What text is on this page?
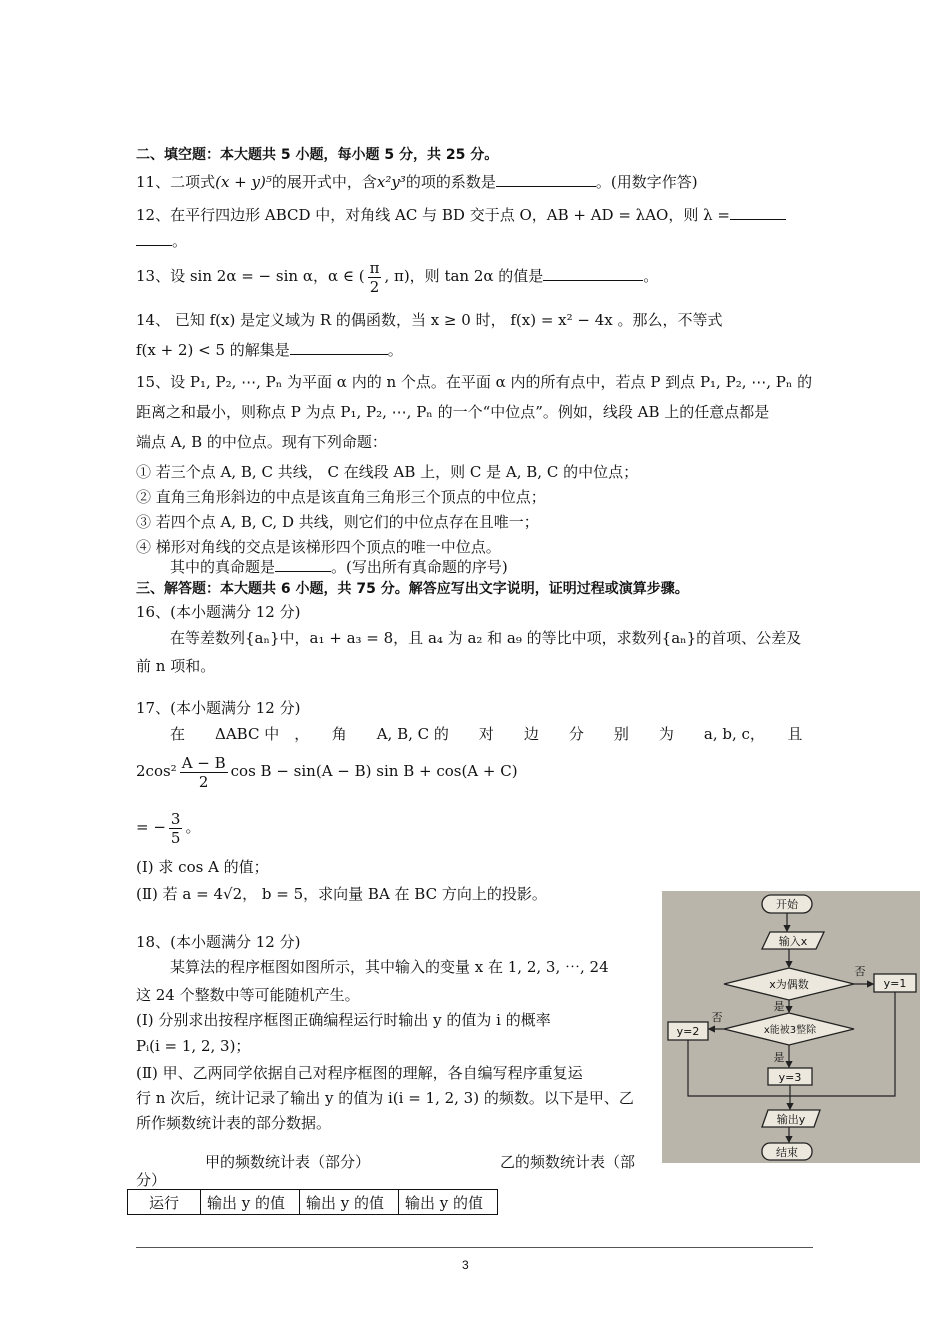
二、填空题：本大题共 5 小题，每小题 5 分，共 25 分。
11、二项式(x + y)⁵的展开式中，含x²y³的项的系数是	。(用数字作答)
12、在平行四边形 ABCD 中，对角线 AC 与 BD 交于点 O，AB + AD = λAO，则 λ =
。
13、设 sin 2α = − sin α，α ∈ ( $\frac{\pi}{2}$ , π)，则 tan 2α 的值是	。
14、 已知 f(x) 是定义域为 R 的偶函数，当 x ≥ 0 时， f(x) = x² − 4x 。那么，不等式
f(x + 2) < 5 的解集是	。
15、设 P₁, P₂, ⋯, Pₙ 为平面 α 内的 n 个点。在平面 α 内的所有点中，若点 P 到点 P₁, P₂, ⋯, Pₙ 的
距离之和最小，则称点 P 为点 P₁, P₂, ⋯, Pₙ 的一个“中位点”。例如，线段 AB 上的任意点都是
端点 A, B 的中位点。现有下列命题：
① 若三个点 A, B, C 共线， C 在线段 AB 上，则 C 是 A, B, C 的中位点；
② 直角三角形斜边的中点是该直角三角形三个顶点的中位点；
③ 若四个点 A, B, C, D 共线，则它们的中位点存在且唯一；
④ 梯形对角线的交点是该梯形四个顶点的唯一中位点。
其中的真命题是	。(写出所有真命题的序号)
三、解答题：本大题共 6 小题，共 75 分。解答应写出文字说明，证明过程或演算步骤。
16、(本小题满分 12 分)
在等差数列{aₙ}中，a₁ + a₃ = 8，且 a₄ 为 a₂ 和 a₉ 的等比中项，求数列{aₙ}的首项、公差及
前 n 项和。
17、(本小题满分 12 分)
在　　ΔABC 中　，　　角　　A, B, C 的　　对　　边　　分　　别　　为　　a, b, c，　　且
$2\cos^2 \frac{A - B}{2}$ cos B − sin(A − B) sin B + cos(A + C)
= − $\frac{3}{5}$ 。
(Ⅰ) 求 cos A 的值；
(Ⅱ) 若 a = 4√2， b = 5，求向量 BA 在 BC 方向上的投影。
18、(本小题满分 12 分)
某算法的程序框图如图所示，其中输入的变量 x 在 1, 2, 3, ⋯, 24
这 24 个整数中等可能随机产生。
(Ⅰ) 分别求出按程序框图正确编程运行时输出 y 的值为 i 的概率
Pᵢ(i = 1, 2, 3)；
(Ⅱ) 甲、乙两同学依据自己对程序框图的理解，各自编写程序重复运
行 n 次后，统计记录了输出 y 的值为 i(i = 1, 2, 3) 的频数。以下是甲、乙
所作频数统计表的部分数据。
甲的频数统计表（部分）	乙的频数统计表（部
分）
运行	输出 y 的值	输出 y 的值	输出 y 的值
开始
输入x
x为偶数
否
y=1
是
x能被3整除
否
y=2
是
y=3
输出y
结束
3
